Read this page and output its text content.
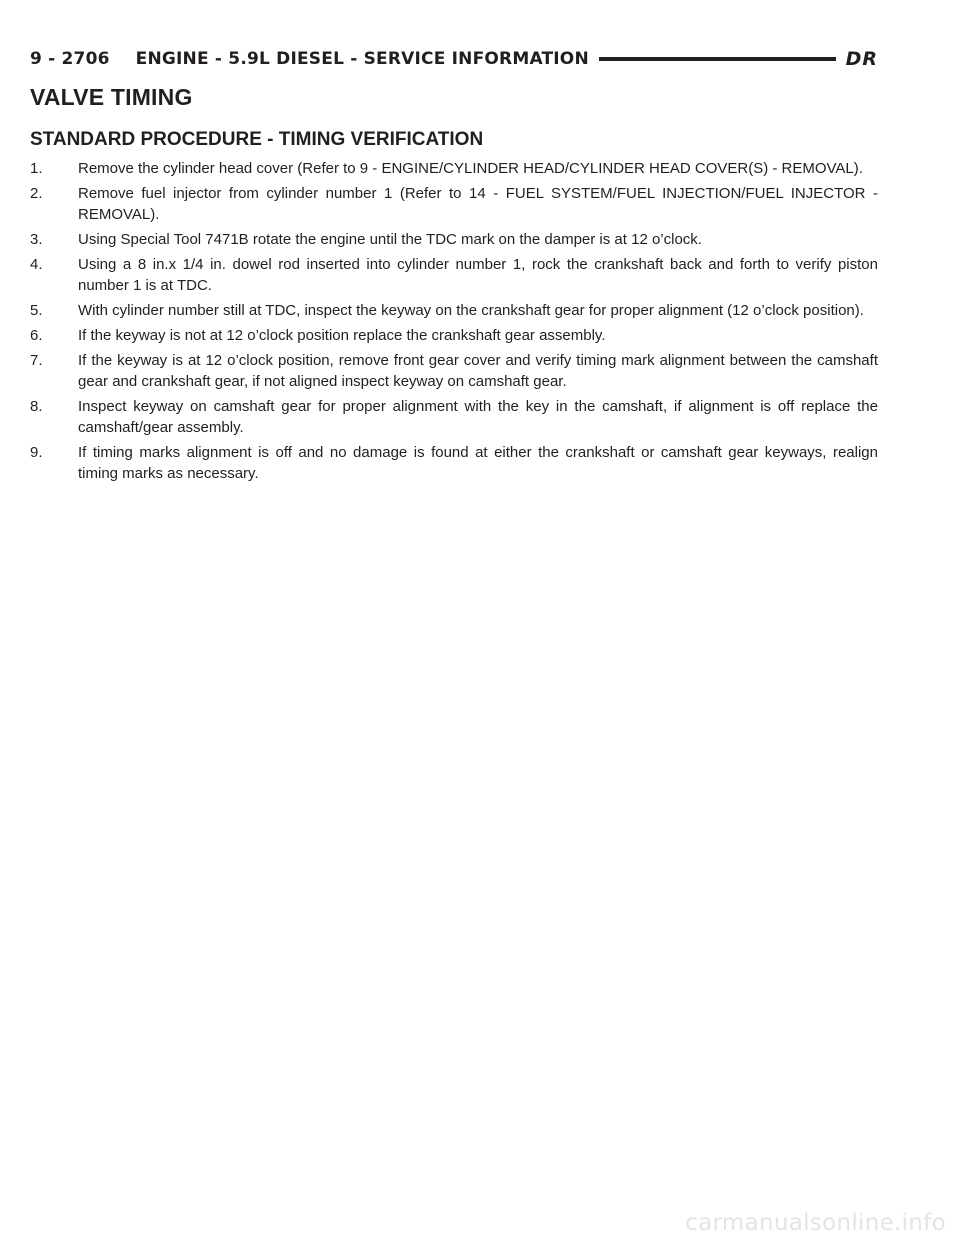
9 - 2706 ENGINE - 5.9L DIESEL - SERVICE INFORMATION	DR
VALVE TIMING
STANDARD PROCEDURE - TIMING VERIFICATION
1. Remove the cylinder head cover (Refer to 9 - ENGINE/CYLINDER HEAD/CYLINDER HEAD COVER(S) - REMOVAL).
2. Remove fuel injector from cylinder number 1 (Refer to 14 - FUEL SYSTEM/FUEL INJECTION/FUEL INJECTOR - REMOVAL).
3. Using Special Tool 7471B rotate the engine until the TDC mark on the damper is at 12 o’clock.
4. Using a 8 in.x 1/4 in. dowel rod inserted into cylinder number 1, rock the crankshaft back and forth to verify piston number 1 is at TDC.
5. With cylinder number still at TDC, inspect the keyway on the crankshaft gear for proper alignment (12 o’clock position).
6. If the keyway is not at 12 o’clock position replace the crankshaft gear assembly.
7. If the keyway is at 12 o’clock position, remove front gear cover and verify timing mark alignment between the camshaft gear and crankshaft gear, if not aligned inspect keyway on camshaft gear.
8. Inspect keyway on camshaft gear for proper alignment with the key in the camshaft, if alignment is off replace the camshaft/gear assembly.
9. If timing marks alignment is off and no damage is found at either the crankshaft or camshaft gear keyways, realign timing marks as necessary.
carmanualsonline.info
